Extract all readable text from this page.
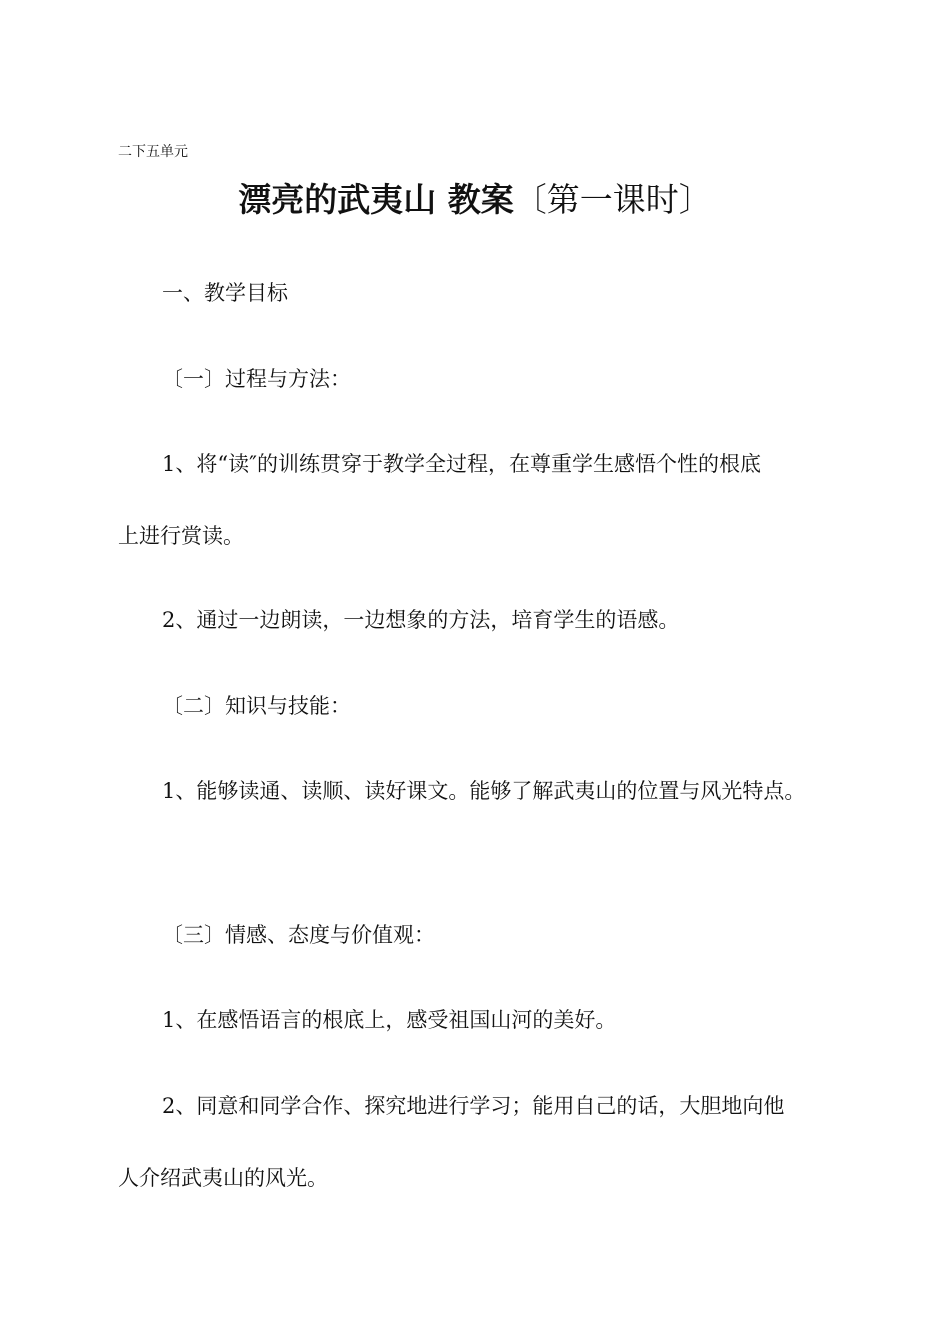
二下五单元
漂亮的武夷山 教案〔第一课时〕
一、教学目标
〔一〕过程与方法：
1、将“读″的训练贯穿于教学全过程，在尊重学生感悟个性的根底
上进行赏读。
2、通过一边朗读，一边想象的方法，培育学生的语感。
〔二〕知识与技能：
1、能够读通、读顺、读好课文。能够了解武夷山的位置与风光特点。
〔三〕情感、态度与价值观：
1、在感悟语言的根底上，感受祖国山河的美好。
2、同意和同学合作、探究地进行学习；能用自己的话，大胆地向他
人介绍武夷山的风光。
